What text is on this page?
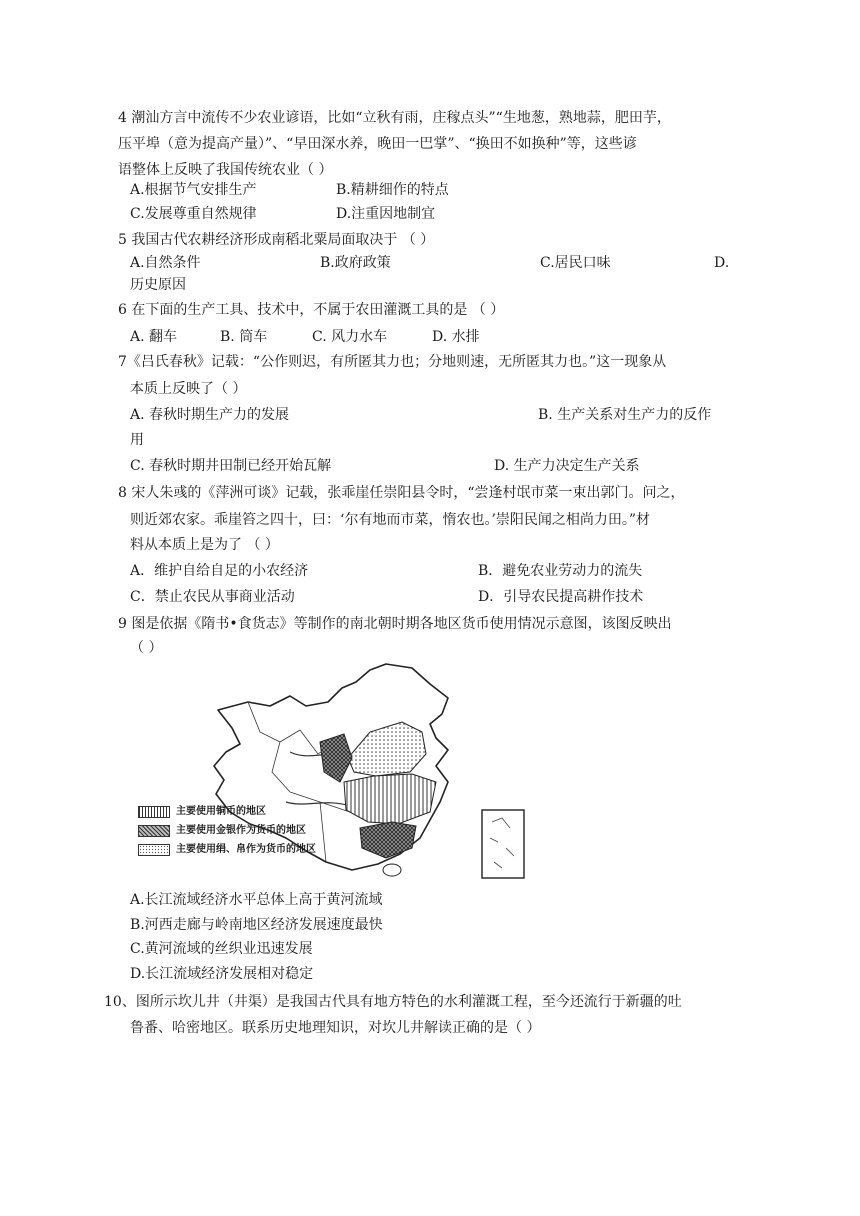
4 潮汕方言中流传不少农业谚语，比如“立秋有雨，庄稼点头”“生地葱，熟地蒜，肥田芋，
压平埠（意为提高产量）”、“早田深水养，晚田一巴掌”、“换田不如换种”等，这些谚
语整体上反映了我国传统农业（ ）
A.根据节气安排生产	B.精耕细作的特点
C.发展尊重自然规律	D.注重因地制宜
5 我国古代农耕经济形成南稻北粟局面取决于 （ ）
A.自然条件	B.政府政策	C.居民口味	D.
历史原因
6 在下面的生产工具、技术中，不属于农田灌溉工具的是 （ ）
A. 翻车	B. 筒车	C. 风力水车	D. 水排
7《吕氏春秋》记载：“公作则迟，有所匿其力也；分地则速，无所匿其力也。”这一现象从
本质上反映了（ ）
A. 春秋时期生产力的发展	B. 生产关系对生产力的反作
用
C. 春秋时期井田制已经开始瓦解	D. 生产力决定生产关系
8 宋人朱彧的《萍洲可谈》记载，张乖崖任崇阳县令时，“尝逢村氓市菜一束出郭门。问之，
则近郊农家。乖崖笞之四十，曰：‘尔有地而市菜，惰农也。’崇阳民闻之相尚力田。”材
料从本质上是为了 （ ）
A．维护自给自足的小农经济	B．避免农业劳动力的流失
C．禁止农民从事商业活动	D．引导农民提高耕作技术
9 图是依据《隋书•食货志》等制作的南北朝时期各地区货币使用情况示意图，该图反映出
（ ）
主要使用铜币的地区
主要使用金银作为货币的地区
主要使用绢、帛作为货币的地区
A.长江流域经济水平总体上高于黄河流域
B.河西走廊与岭南地区经济发展速度最快
C.黄河流域的丝织业迅速发展
D.长江流域经济发展相对稳定
10、图所示坎儿井（井渠）是我国古代具有地方特色的水利灌溉工程，至今还流行于新疆的吐
鲁番、哈密地区。联系历史地理知识，对坎儿井解读正确的是（ ）
